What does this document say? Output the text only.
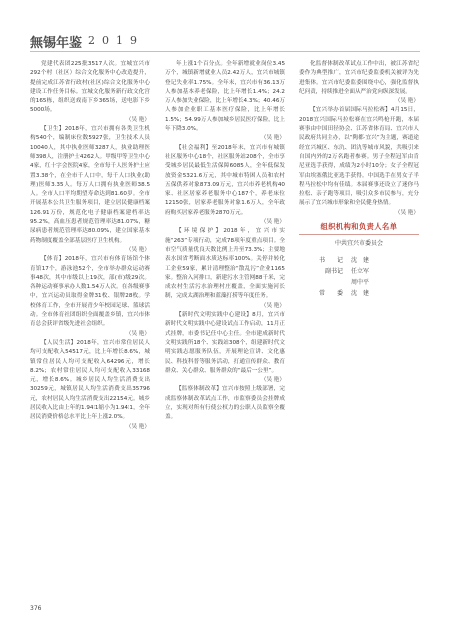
無锡年鉴 2019

党建代表团225批3517人次。宜城宜兴市292个村（社区）综合文化服务中心改造提升，提前完成江苏省行政村(社区)综合文化服务中心建设工作任务目标。宜城文化服务新行政文化宫的165栋，组织送戏南下乡365场，送电影下乡5000场。

（吴 艳）

【卫生】2018年，宜兴市拥有各类卫生机构540个，编制床位数5927张，卫生技术人员10040人，其中执业医师3287人，执业助理医师398人，注册护士4262人。甲级甲等卫生中心4家，红十字会医院4家，全市每千人医务护士应置3.38个，在全市千人口中，每千人口执业(助理)医师3.35人。每万人口拥有执业医师38.5人。全市人口平均期望寿命达到81.60岁。全市开展基本公共卫生服务项目，建立居民健康档案126.91万份，规范化电子健康档案建档率达95.2%，高血压患者规范管理率达81.07%，糖尿病患者规范管理率达80.09%，建立国家基本药物制度覆盖全部基层医疗卫生机构。

（吴 艳）

【体育】2018年，宜兴市有体育场馆个体育馆17个，游泳池52个，全市举办群众运动赛事48次，其中市级以上19次，部(市)级29次。各种运动赛事承办人数1.54万人次。在各级赛事中，宜兴运动员取得金牌31枚、银牌28枚。学校体育工作，全市开展青少年校园足球、篮球活动。全市体育社团组织全面覆盖乡镇，宜兴市体育总会获评省级先进社会组织。

（吴 艳）

【人民生活】2018年，宜兴市常住居民人均可支配收入54517元，比上年增长8.6%，城镇常住居民人均可支配收入64296元，增长8.2%；农村常住居民人均可支配收入33168元，增长8.6%。城乡居民人均生活消费支出30259元，城镇居民人均生活消费支出35796元，农村居民人均生活消费支出22154元。城乡居民收入比由上年的1.94∶1缩小为1.94∶1，全年居民消费价格总水平比上年上涨2.0%。

（吴 艳）

年上涨1个百分点。全年新增就业岗位3.45万个，城镇新增就业人员2.42万人，宜兴市城镇登记失业率1.75%。全年末，宜兴市有36.13万人参加基本养老保险，比上年增长1.4%；24.2万人参加失业保险，比上年增长4.3%；40.46万人参加企业职工基本医疗保险，比上年增长1.5%；54.99万人参加城乡居民医疗保险，比上年下降3.0%。

（吴 艳）

【社会福利】至2018年末，宜兴市有城镇社区服务中心18个，社区服务站208个，全市享受城乡居民最低生活保障6085人，全年低保发放资金5321.6万元，其中城市特困人员和农村五保供养对象873.09万元，宜兴市养老机构40家、社区居家养老服务中心187个，养老床位12150张，居家养老服务对象1.6万人，全年政府购买居家养老服务2870万元。

（吴 艳）

【环境保护】2018年，宜兴市实施“263”专项行动，完成78项年度重点项目。全市空气质量优良天数比例上升至73.3%；主要地表水国省考断面水质达标率100%。关停并转化工企业59家，累计清理整治“散乱污”企业1165家。整治入河排口，新建污水主管网88千米，完成农村生活污水治理村庄覆盖，全面实施河长制，完成太湖治理和蓝藻打捞等年度任务。

（吴 艳）

【新时代文明实践中心建设】8月，宜兴市新时代文明实践中心建设试点工作启动，11月正式挂牌，市委书记任中心主任。全市建成新时代文明实践所18个、实践站308个，组建新时代文明实践志愿服务队伍，开展理论宣讲、文化惠民、科技科普等服务活动，打通宣传群众、教育群众、关心群众、服务群众的“最后一公里”。

（吴 艳）

【监察体制改革】宜兴市按照上级部署，完成监察体制改革试点工作，市监察委员会挂牌成立，实现对所有行使公权力的公职人员监察全覆盖。

化监督体制改革试点工作中出，被江苏省纪委作为典型推广，宜兴市纪委监委机关被评为先进集体。宜兴市纪委监委围绕中心，强化监督执纪问责，持续推进全面从严治党向纵深发展。

（吴 艳）

【宜兴举办首届国际马拉松赛】4月15日，2018宜兴国际马拉松赛在宜兴鸣枪开跑，本届赛事由中国田径协会、江苏省体育局、宜兴市人民政府共同主办，以“陶都·宜兴”为主题，赛道途经宜兴城区、东氿、团氿等城市风貌，共吸引来自国内外的2万名跑者参赛。男子全程冠军由肯尼亚选手获得，成绩为2小时10分；女子全程冠军由埃塞俄比亚选手获得。中国选手在男女子半程马拉松中均有佳绩。本届赛事还设立了迷你马拉松、亲子跑等项目，吸引众多市民参与，充分展示了宜兴城市形象和全民健身热情。

（吴 艳）

组织机构和负责人名单
中共宜兴市委员会
书　　记	沈　建
副书记	任立军
周中平
常　　委	沈　建
376
